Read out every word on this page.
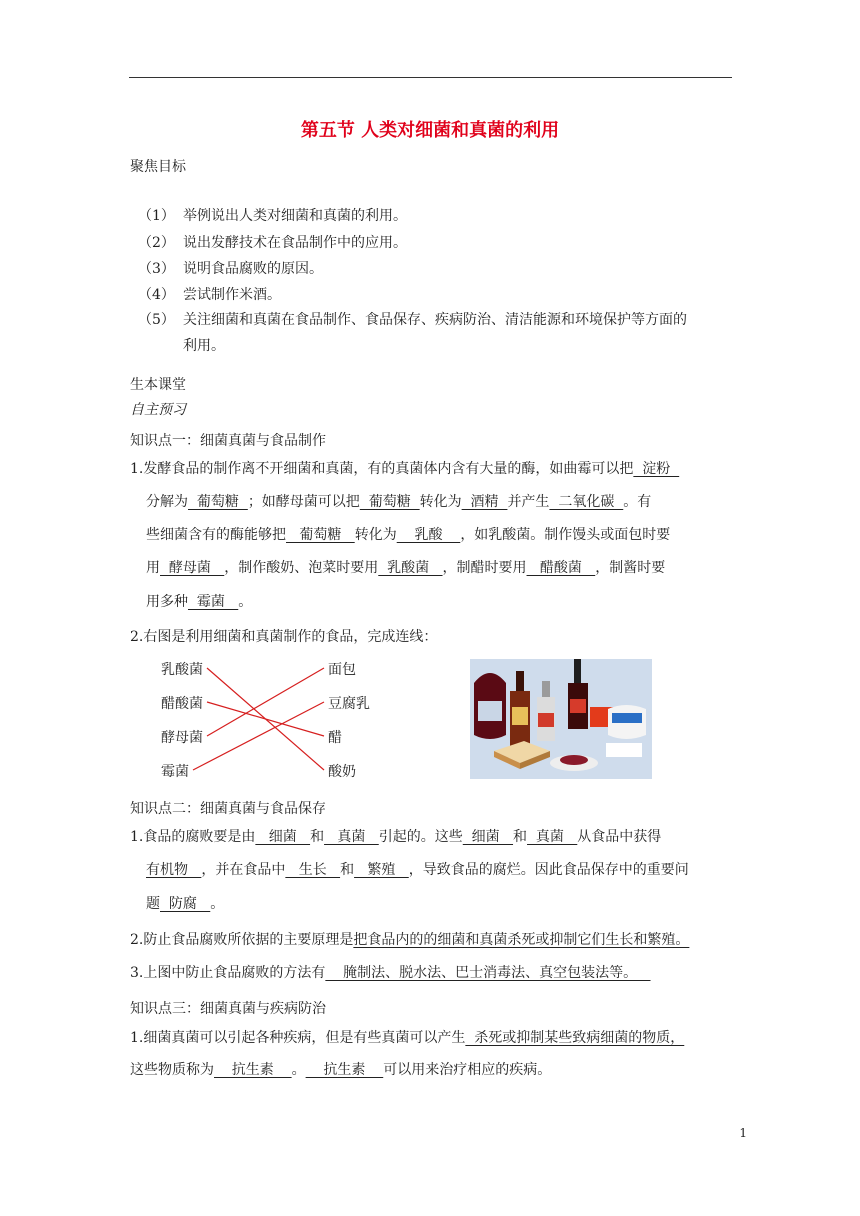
第五节 人类对细菌和真菌的利用
聚焦目标
（1） 举例说出人类对细菌和真菌的利用。
（2） 说出发酵技术在食品制作中的应用。
（3） 说明食品腐败的原因。
（4） 尝试制作米酒。
（5） 关注细菌和真菌在食品制作、食品保存、疾病防治、清洁能源和环境保护等方面的
利用。
生本课堂
自主预习
知识点一：细菌真菌与食品制作
1.发酵食品的制作离不开细菌和真菌，有的真菌体内含有大量的酶，如曲霉可以把  淀粉
分解为  葡萄糖  ；如酵母菌可以把  葡萄糖  转化为  酒精  并产生  二氧化碳  。有
些细菌含有的酶能够把   葡萄糖   转化为    乳酸    ，如乳酸菌。制作馒头或面包时要
用  酵母菌   ，制作酸奶、泡菜时要用  乳酸菌   ，制醋时要用   醋酸菌   ，制酱时要
用多种  霉菌   。
2.右图是利用细菌和真菌制作的食品，完成连线：
乳酸菌
醋酸菌
酵母菌
霉菌
面包
豆腐乳
醋
酸奶
知识点二：细菌真菌与食品保存
1.食品的腐败要是由   细菌   和   真菌   引起的。这些  细菌   和  真菌   从食品中获得
有机物   ，并在食品中   生长   和   繁殖   ，导致食品的腐烂。因此食品保存中的重要问
题  防腐   。
2.防止食品腐败所依据的主要原理是把食品内的的细菌和真菌杀死或抑制它们生长和繁殖。
3.上图中防止食品腐败的方法有    腌制法、脱水法、巴士消毒法、真空包装法等。
知识点三：细菌真菌与疾病防治
1.细菌真菌可以引起各种疾病，但是有些真菌可以产生  杀死或抑制某些致病细菌的物质，
这些物质称为    抗生素    。    抗生素    可以用来治疗相应的疾病。
1
